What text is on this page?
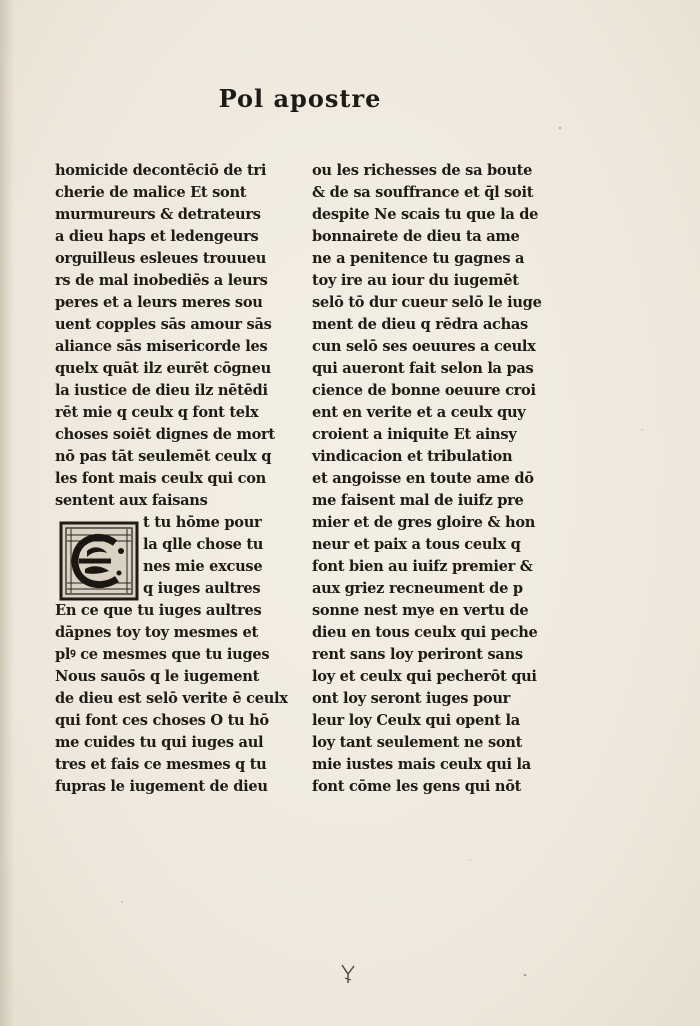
Pol apostre
homicide decontēciō de tri
cherie de malice Et sont
murmureurs & detrateurs
a dieu haps et ledengeurs
orguilleus esleues trouueu
rs de mal inobediēs a leurs
peres et a leurs meres sou
uent copples sās amour sās
aliance sās misericorde les
quelx quāt ilz eurēt cōgneu
la iustice de dieu ilz nētēdi
rēt mie q ceulx q font telx
choses soiēt dignes de mort
nō pas tāt seulemēt ceulx q
les font mais ceulx qui con
sentent aux faisans
t tu hōme pour
la qlle chose tu
nes mie excuse
q iuges aultres
En ce que tu iuges aultres
dāpnes toy toy mesmes et
plꝰ ce mesmes que tu iuges
Nous sauōs q le iugement
de dieu est selō verite ē ceulx
qui font ces choses O tu hō
me cuides tu qui iuges aul
tres et fais ce mesmes q tu
fupras le iugement de dieu
ou les richesses de sa boute
& de sa souffrance et q̄l soit
despite Ne scais tu que la de
bonnairete de dieu ta ame
ne a penitence tu gagnes a
toy ire au iour du iugemēt
selō tō dur cueur selō le iuge
ment de dieu q rēdra achas
cun selō ses oeuures a ceulx
qui aueront fait selon la pas
cience de bonne oeuure croi
ent en verite et a ceulx quy
croient a iniquite Et ainsy
vindicacion et tribulation
et angoisse en toute ame dō
me faisent mal de iuifz pre
mier et de gres gloire & hon
neur et paix a tous ceulx q
font bien au iuifz premier &
aux griez recneument de p
sonne nest mye en vertu de
dieu en tous ceulx qui peche
rent sans loy periront sans
loy et ceulx qui pecherōt qui
ont loy seront iuges pour
leur loy Ceulx qui opent la
loy tant seulement ne sont
mie iustes mais ceulx qui la
font cōme les gens qui nōt
